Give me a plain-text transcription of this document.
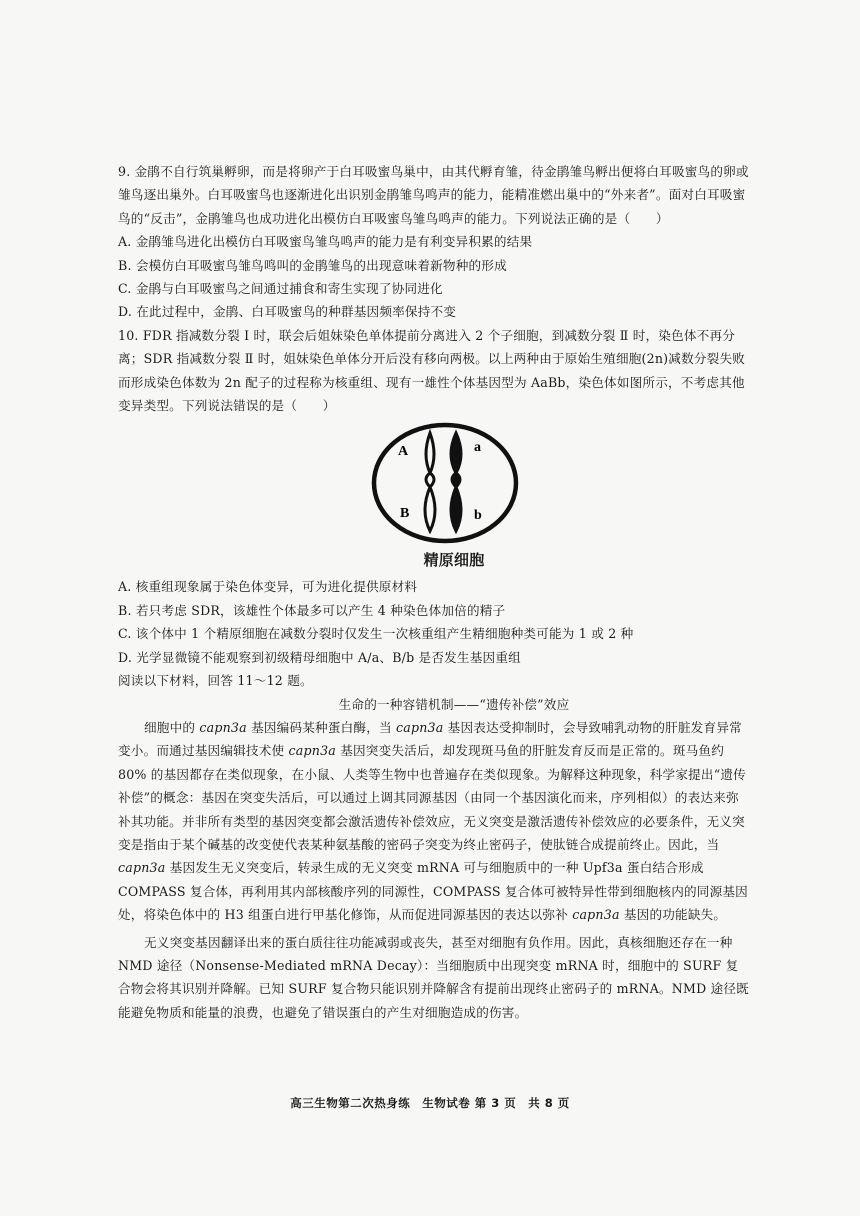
9. 金鹃不自行筑巢孵卵，而是将卵产于白耳吸蜜鸟巢中，由其代孵育雏，待金鹃雏鸟孵出便将白耳吸蜜鸟的卵或雏鸟逐出巢外。白耳吸蜜鸟也逐渐进化出识别金鹃雏鸟鸣声的能力，能精准燃出巢中的“外来者”。面对白耳吸蜜鸟的“反击”，金鹃雏鸟也成功进化出模仿白耳吸蜜鸟雏鸟鸣声的能力。下列说法正确的是（　　）

A. 金鹃雏鸟进化出模仿白耳吸蜜鸟雏鸟鸣声的能力是有利变异积累的结果

B. 会模仿白耳吸蜜鸟雏鸟鸣叫的金鹃雏鸟的出现意味着新物种的形成

C. 金鹃与白耳吸蜜鸟之间通过捕食和寄生实现了协同进化

D. 在此过程中，金鹃、白耳吸蜜鸟的种群基因频率保持不变

10. FDR 指减数分裂 Ⅰ 时，联会后姐妹染色单体提前分离进入 2 个子细胞，到减数分裂 Ⅱ 时，染色体不再分离；SDR 指减数分裂 Ⅱ 时，姐妹染色单体分开后没有移向两极。以上两种由于原始生殖细胞(2n)减数分裂失败而形成染色体数为 2n 配子的过程称为核重组、现有一雄性个体基因型为 AaBb，染色体如图所示，不考虑其他变异类型。下列说法错误的是（　　）

A	a
B	b
精原细胞

A. 核重组现象属于染色体变异，可为进化提供原材料

B. 若只考虑 SDR，该雄性个体最多可以产生 4 种染色体加倍的精子

C. 该个体中 1 个精原细胞在减数分裂时仅发生一次核重组产生精细胞种类可能为 1 或 2 种

D. 光学显微镜不能观察到初级精母细胞中 A/a、B/b 是否发生基因重组

阅读以下材料，回答 11～12 题。

生命的一种容错机制——“遗传补偿”效应

细胞中的 capn3a 基因编码某种蛋白酶，当 capn3a 基因表达受抑制时，会导致哺乳动物的肝脏发育异常变小。而通过基因编辑技术使 capn3a 基因突变失活后，却发现斑马鱼的肝脏发育反而是正常的。斑马鱼约 80% 的基因都存在类似现象，在小鼠、人类等生物中也普遍存在类似现象。为解释这种现象，科学家提出“遗传补偿”的概念：基因在突变失活后，可以通过上调其同源基因（由同一个基因演化而来，序列相似）的表达来弥补其功能。并非所有类型的基因突变都会激活遗传补偿效应，无义突变是激活遗传补偿效应的必要条件，无义突变是指由于某个碱基的改变使代表某种氨基酸的密码子突变为终止密码子，使肽链合成提前终止。因此，当 capn3a 基因发生无义突变后，转录生成的无义突变 mRNA 可与细胞质中的一种 Upf3a 蛋白结合形成 COMPASS 复合体，再利用其内部核酸序列的同源性，COMPASS 复合体可被特异性带到细胞核内的同源基因处，将染色体中的 H3 组蛋白进行甲基化修饰，从而促进同源基因的表达以弥补 capn3a 基因的功能缺失。

无义突变基因翻译出来的蛋白质往往功能减弱或丧失，甚至对细胞有负作用。因此，真核细胞还存在一种 NMD 途径（Nonsense-Mediated mRNA Decay）：当细胞质中出现突变 mRNA 时，细胞中的 SURF 复合物会将其识别并降解。已知 SURF 复合物只能识别并降解含有提前出现终止密码子的 mRNA。NMD 途径既能避免物质和能量的浪费，也避免了错误蛋白的产生对细胞造成的伤害。

高三生物第二次热身练　生物试卷 第 3 页　共 8 页
